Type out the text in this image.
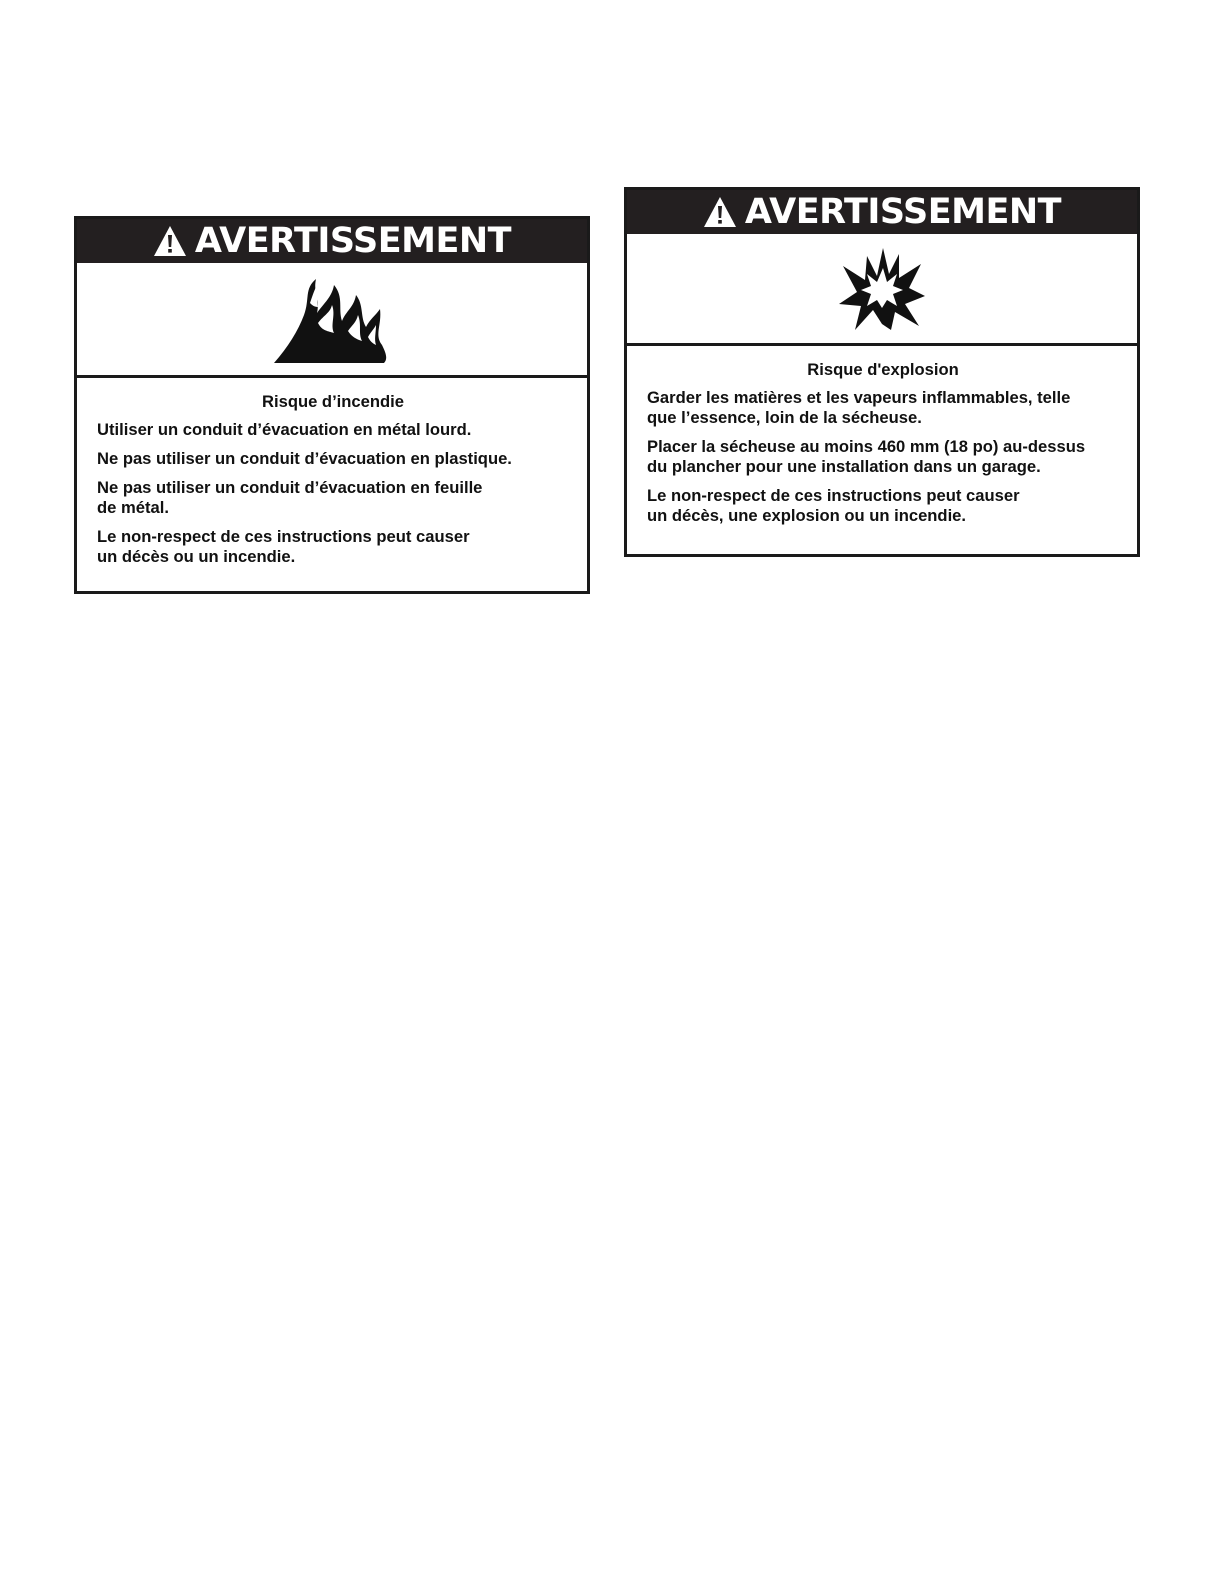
AVERTISSEMENT
Risque d’incendie
Utiliser un conduit d’évacuation en métal lourd.
Ne pas utiliser un conduit d’évacuation en plastique.
Ne pas utiliser un conduit d’évacuation en feuille
de métal.
Le non-respect de ces instructions peut causer
un décès ou un incendie.
AVERTISSEMENT
Risque d'explosion
Garder les matières et les vapeurs inflammables, telle
que l’essence, loin de la sécheuse.
Placer la sécheuse au moins 460 mm (18 po) au-dessus
du plancher pour une installation dans un garage.
Le non-respect de ces instructions peut causer
un décès, une explosion ou un incendie.
